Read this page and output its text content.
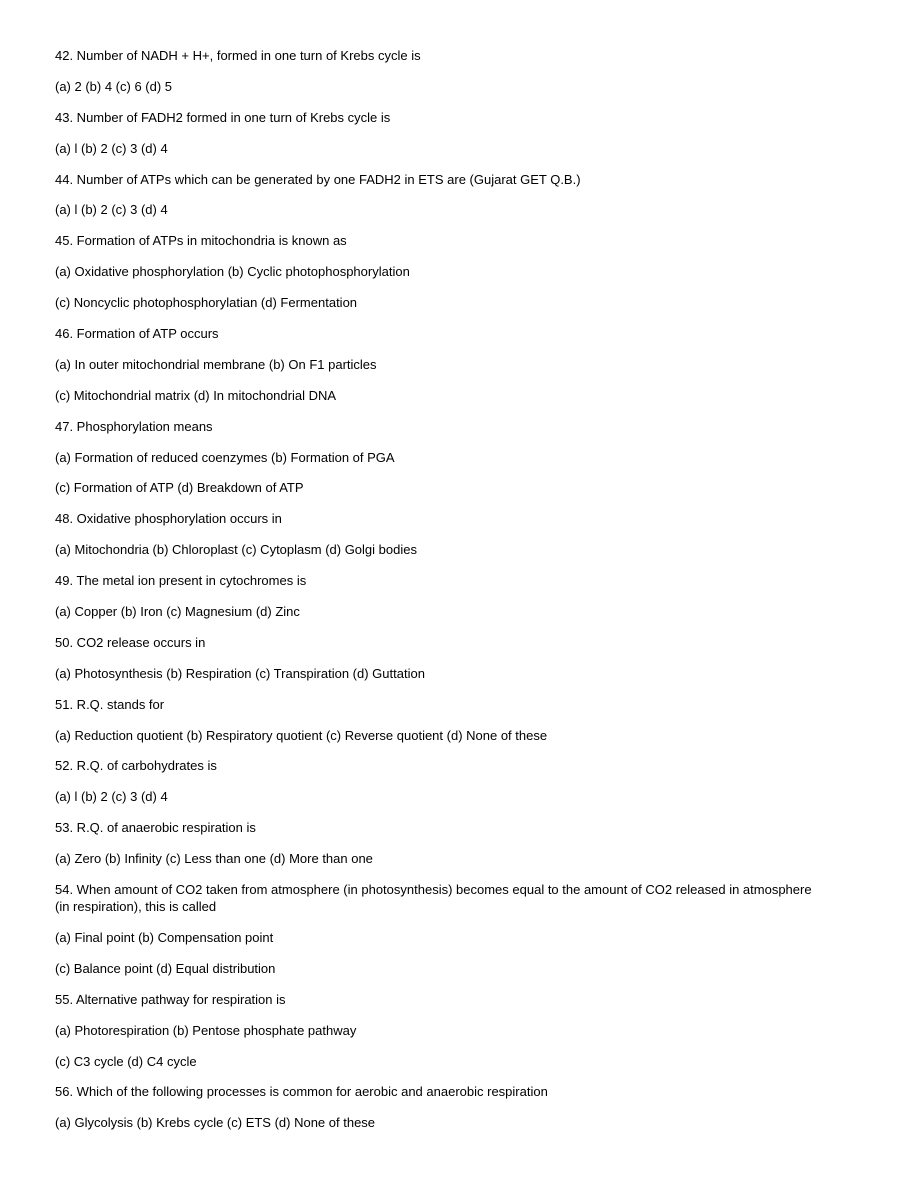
42. Number of NADH + H+, formed in one turn of Krebs cycle is

(a) 2 (b) 4 (c) 6 (d) 5

43. Number of FADH2 formed in one turn of Krebs cycle is

(a) l (b) 2 (c) 3 (d) 4

44. Number of ATPs which can be generated by one FADH2 in ETS are (Gujarat GET Q.B.)

(a) l (b) 2 (c) 3 (d) 4

45. Formation of ATPs in mitochondria is known as

(a) Oxidative phosphorylation (b) Cyclic photophosphorylation

(c) Noncyclic photophosphorylatian (d) Fermentation

46. Formation of ATP occurs

(a) In outer mitochondrial membrane (b) On F1 particles

(c) Mitochondrial matrix (d) In mitochondrial DNA

47. Phosphorylation means

(a) Formation of reduced coenzymes (b) Formation of PGA

(c) Formation of ATP (d) Breakdown of ATP

48. Oxidative phosphorylation occurs in

(a) Mitochondria (b) Chloroplast (c) Cytoplasm (d) Golgi bodies

49. The metal ion present in cytochromes is

(a) Copper (b) Iron (c) Magnesium (d) Zinc

50. CO2 release occurs in

(a) Photosynthesis (b) Respiration (c) Transpiration (d) Guttation

51. R.Q. stands for

(a) Reduction quotient (b) Respiratory quotient (c) Reverse quotient (d) None of these

52. R.Q. of carbohydrates is

(a) l (b) 2 (c) 3 (d) 4

53. R.Q. of anaerobic respiration is

(a) Zero (b) Infinity (c) Less than one (d) More than one

54. When amount of CO2 taken from atmosphere (in photosynthesis) becomes equal to the amount of CO2 released in atmosphere (in respiration), this is called

(a) Final point (b) Compensation point

(c) Balance point (d) Equal distribution

55. Alternative pathway for respiration is

(a) Photorespiration (b) Pentose phosphate pathway

(c) C3 cycle (d) C4 cycle

56. Which of the following processes is common for aerobic and anaerobic respiration

(a) Glycolysis (b) Krebs cycle (c) ETS (d) None of these
